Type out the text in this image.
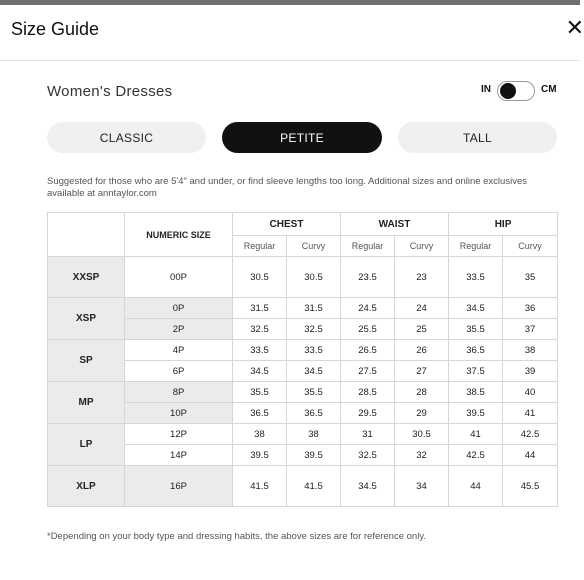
Size Guide	✕
Women's Dresses	IN	CM
CLASSIC	PETITE	TALL
Suggested for those who are 5'4" and under, or find sleeve lengths too long. Additional sizes and online exclusives available at anntaylor.com
	NUMERIC SIZE	CHEST		WAIST		HIP	
		Regular	Curvy	Regular	Curvy	Regular	Curvy
XXSP	00P	30.5	30.5	23.5	23	33.5	35
XSP	0P	31.5	31.5	24.5	24	34.5	36
	2P	32.5	32.5	25.5	25	35.5	37
SP	4P	33.5	33.5	26.5	26	36.5	38
	6P	34.5	34.5	27.5	27	37.5	39
MP	8P	35.5	35.5	28.5	28	38.5	40
	10P	36.5	36.5	29.5	29	39.5	41
LP	12P	38	38	31	30.5	41	42.5
	14P	39.5	39.5	32.5	32	42.5	44
XLP	16P	41.5	41.5	34.5	34	44	45.5
*Depending on your body type and dressing habits, the above sizes are for reference only.
